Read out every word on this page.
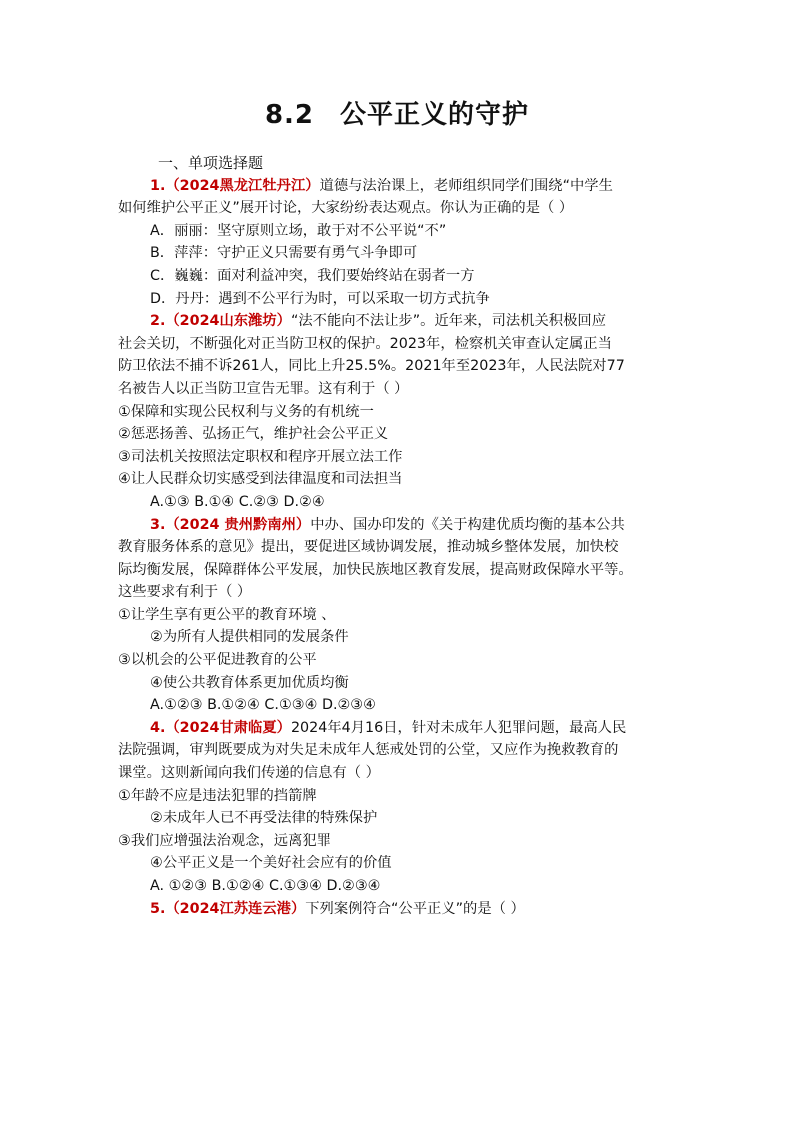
8.2 公平正义的守护

一、单项选择题

1.（2024黑龙江牡丹江）道德与法治课上，老师组织同学们围绕“中学生

如何维护公平正义”展开讨论，大家纷纷表达观点。你认为正确的是（ ）

A．丽丽：坚守原则立场，敢于对不公平说“不”

B．萍萍：守护正义只需要有勇气斗争即可

C．巍巍：面对利益冲突，我们要始终站在弱者一方

D．丹丹：遇到不公平行为时，可以采取一切方式抗争

2.（2024山东潍坊）“法不能向不法让步”。近年来，司法机关积极回应

社会关切，不断强化对正当防卫权的保护。2023年，检察机关审查认定属正当

防卫依法不捕不诉261人，同比上升25.5%。2021年至2023年，人民法院对77

名被告人以正当防卫宣告无罪。这有利于（ ）

①保障和实现公民权利与义务的有机统一

②惩恶扬善、弘扬正气，维护社会公平正义

③司法机关按照法定职权和程序开展立法工作

④让人民群众切实感受到法律温度和司法担当

A.①③ B.①④ C.②③ D.②④

3.（2024 贵州黔南州）中办、国办印发的《关于构建优质均衡的基本公共

教育服务体系的意见》提出，要促进区域协调发展，推动城乡整体发展，加快校

际均衡发展，保障群体公平发展，加快民族地区教育发展，提高财政保障水平等。

这些要求有利于（ ）

①让学生享有更公平的教育环境 、

②为所有人提供相同的发展条件

③以机会的公平促进教育的公平

④使公共教育体系更加优质均衡

A.①②③ B.①②④ C.①③④ D.②③④

4.（2024甘肃临夏）2024年4月16日，针对未成年人犯罪问题，最高人民

法院强调，审判既要成为对失足未成年人惩戒处罚的公堂，又应作为挽救教育的

课堂。这则新闻向我们传递的信息有（ ）

①年龄不应是违法犯罪的挡箭牌

②未成年人已不再受法律的特殊保护

③我们应增强法治观念，远离犯罪

④公平正义是一个美好社会应有的价值

A. ①②③ B.①②④ C.①③④ D.②③④

5.（2024江苏连云港）下列案例符合“公平正义”的是（ ）
